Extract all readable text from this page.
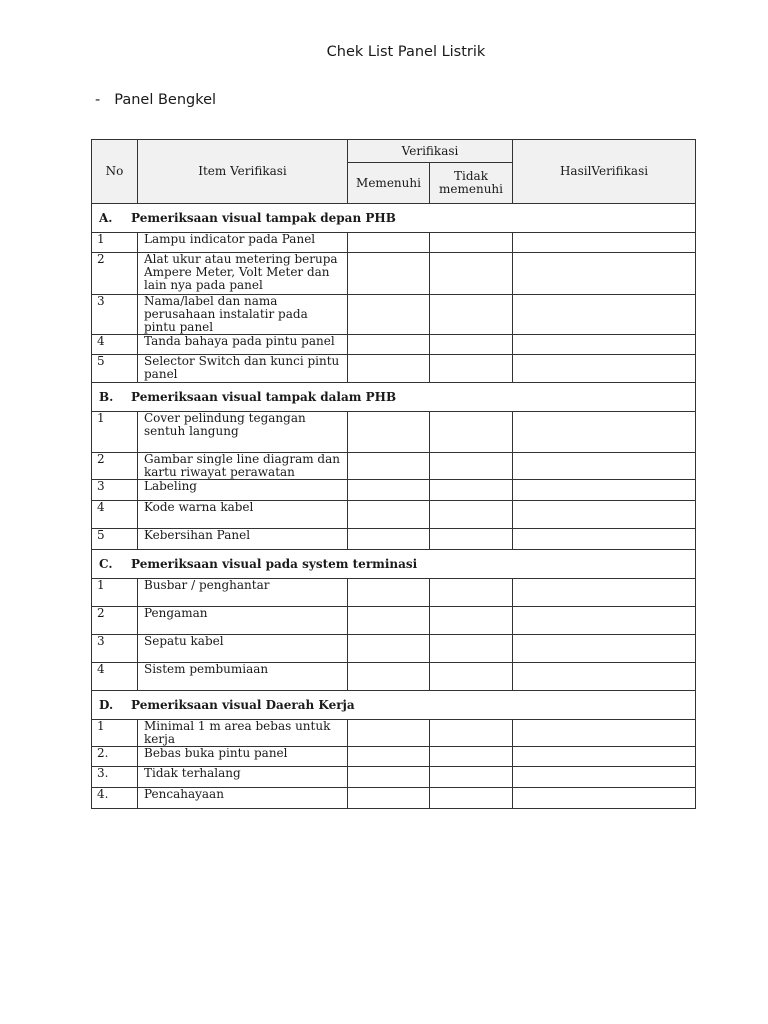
Chek List Panel Listrik
- Panel Bengkel
No	Item Verifikasi	Verifikasi		HasilVerifikasi
		Memenuhi	Tidak memenuhi	
A. Pemeriksaan visual tampak depan PHB				
1	Lampu indicator pada Panel			
2	Alat ukur atau metering berupa Ampere Meter, Volt Meter dan lain nya pada panel			
3	Nama/label dan nama perusahaan instalatir pada pintu panel			
4	Tanda bahaya pada pintu panel			
5	Selector Switch dan kunci pintu panel			
B. Pemeriksaan visual tampak dalam PHB				
1	Cover pelindung tegangan sentuh langung			
2	Gambar single line diagram dan kartu riwayat perawatan			
3	Labeling			
4	Kode warna kabel			
5	Kebersihan Panel			
C. Pemeriksaan visual pada system terminasi				
1	Busbar / penghantar			
2	Pengaman			
3	Sepatu kabel			
4	Sistem pembumiaan			
D. Pemeriksaan visual Daerah Kerja				
1	Minimal 1 m area bebas untuk kerja			
2.	Bebas buka pintu panel			
3.	Tidak terhalang			
4.	Pencahayaan			
